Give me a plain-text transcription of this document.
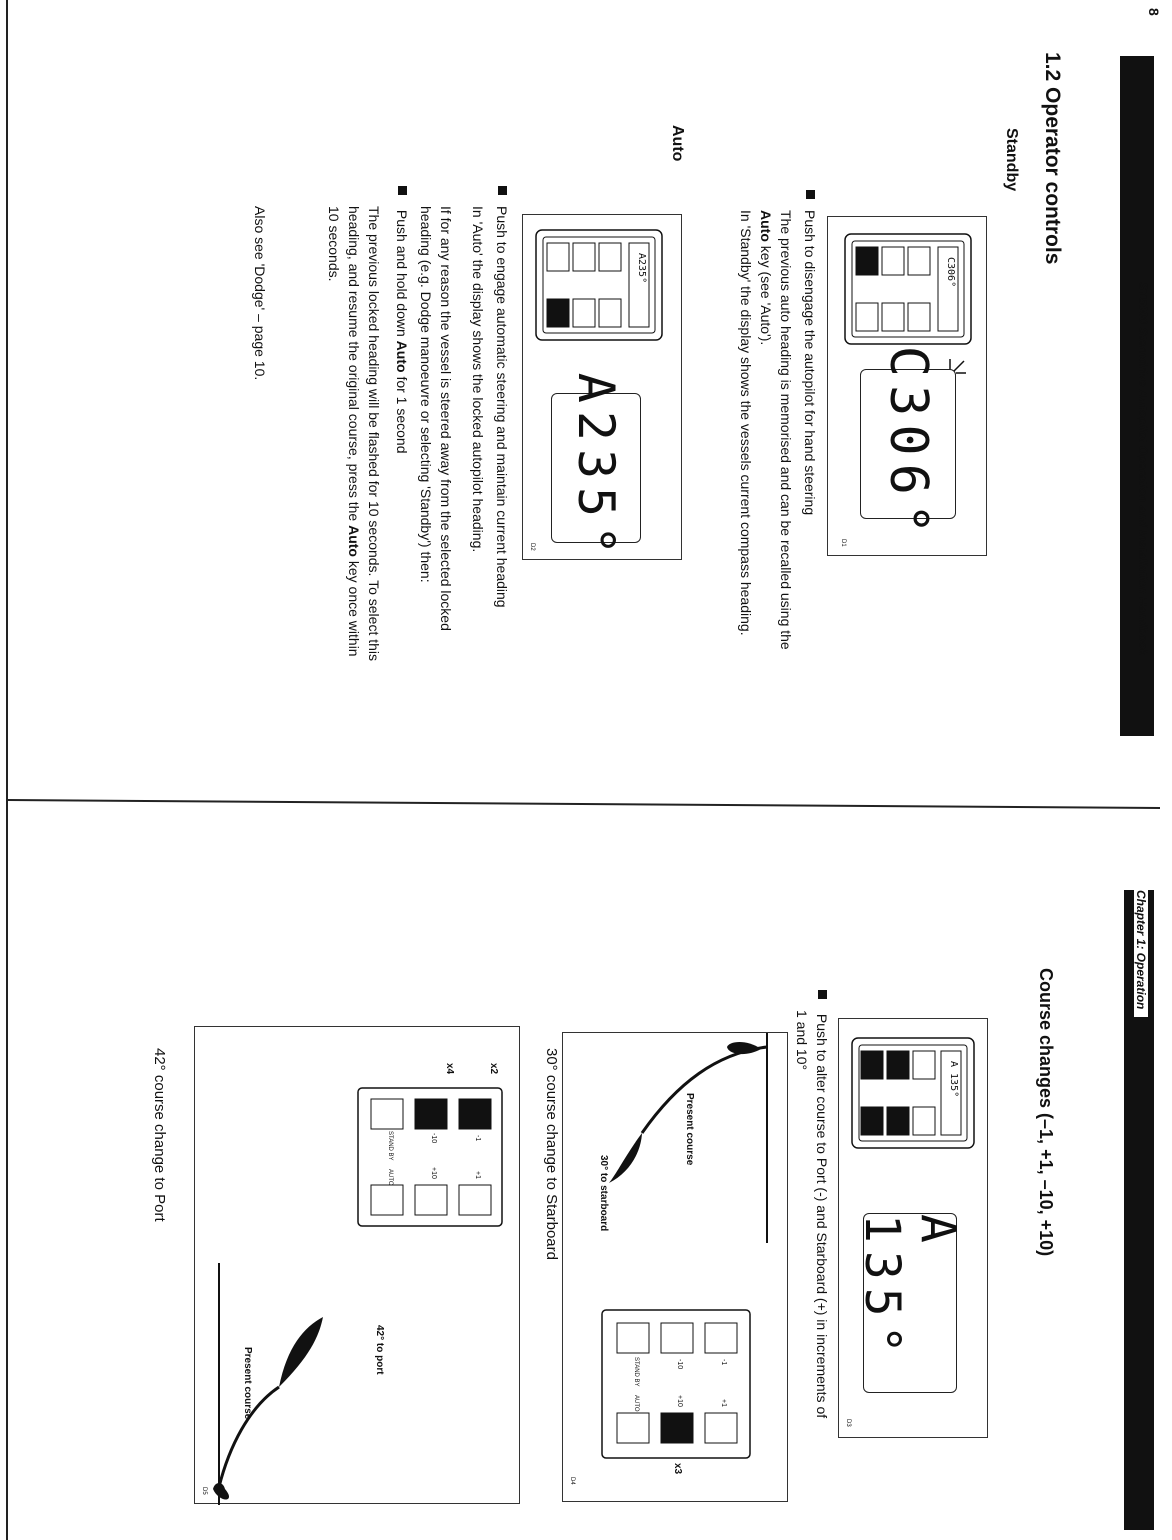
8
ST5000 Sterndrive Autopilot Operation and Installation Handbook
1.2 Operator controls
Standby
C306°
C306°
D1
Push to disengage the autopilot for hand steering
The previous auto heading is memorised and can be recalled using the
Auto key (see 'Auto').
In 'Standby' the display shows the vessels current compass heading.
Auto
A235°
A235°
D2
Push to engage automatic steering and maintain current heading
In 'Auto' the display shows the locked autopilot heading.
If for any reason the vessel is steered away from the selected locked
heading (e.g. Dodge manoeuvre or selecting 'Standby') then:
Push and hold down Auto for 1 second
The previous locked heading will be flashed for 10 seconds. To select this
heading, and resume the original course, press the Auto key once within
10 seconds.
Also see 'Dodge' – page 10.
Chapter 1: Operation
Course changes (–1, +1, –10, +10)
A 135°
A 135°
D3
Push to alter course to Port (-) and Starboard (+) in increments of
1 and 10°
Present course
30° to starboard
-1
+1
-10
+10
STAND BY
AUTO
x3
D4
30° course change to Starboard
-1
+1
-10
+10
STAND BY
AUTO
x2
x4
42° to port
Present course
D5
42° course change to Port
